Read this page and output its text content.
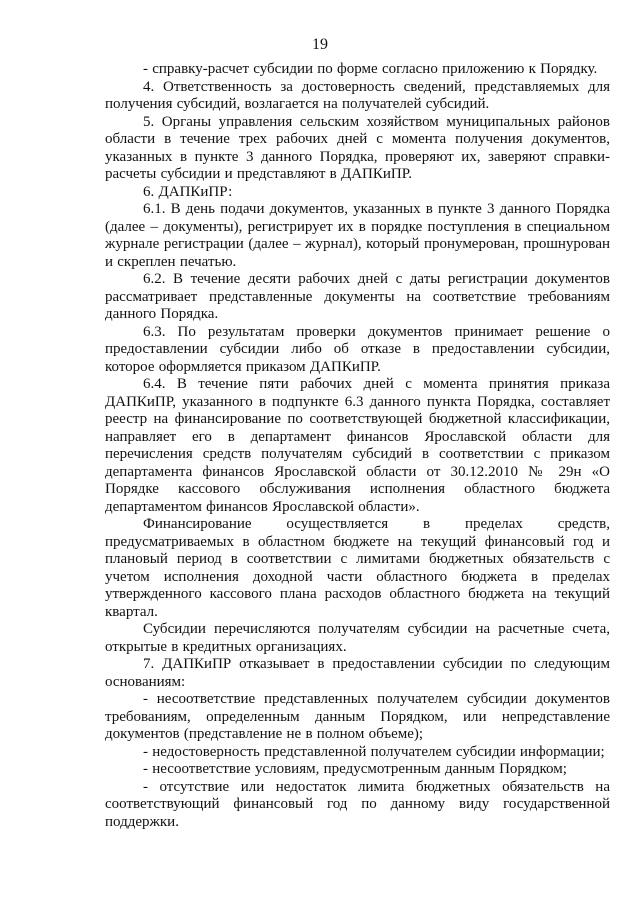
19

- справку-расчет субсидии по форме согласно приложению к Порядку.

4. Ответственность за достоверность сведений, представляемых для получения субсидий, возлагается на получателей субсидий.

5. Органы управления сельским хозяйством муниципальных районов области в течение трех рабочих дней с момента получения документов, указанных в пункте 3 данного Порядка, проверяют их, заверяют справки-расчеты субсидии и представляют в ДАПКиПР.

6. ДАПКиПР:

6.1. В день подачи документов, указанных в пункте 3 данного Порядка (далее – документы), регистрирует их в порядке поступления в специальном журнале регистрации (далее – журнал), который пронумерован, прошнурован и скреплен печатью.

6.2. В течение десяти рабочих дней с даты регистрации документов рассматривает представленные документы на соответствие требованиям данного Порядка.

6.3. По результатам проверки документов принимает решение о предоставлении субсидии либо об отказе в предоставлении субсидии, которое оформляется приказом ДАПКиПР.

6.4. В течение пяти рабочих дней с момента принятия приказа ДАПКиПР, указанного в подпункте 6.3 данного пункта Порядка, составляет реестр на финансирование по соответствующей бюджетной классификации, направляет его в департамент финансов Ярославской области для перечисления средств получателям субсидий в соответствии с приказом департамента финансов Ярославской области от 30.12.2010 № 29н «О Порядке кассового обслуживания исполнения областного бюджета департаментом финансов Ярославской области».

Финансирование осуществляется в пределах средств, предусматриваемых в областном бюджете на текущий финансовый год и плановый период в соответствии с лимитами бюджетных обязательств с учетом исполнения доходной части областного бюджета в пределах утвержденного кассового плана расходов областного бюджета на текущий квартал.

Субсидии перечисляются получателям субсидии на расчетные счета, открытые в кредитных организациях.

7. ДАПКиПР отказывает в предоставлении субсидии по следующим основаниям:

- несоответствие представленных получателем субсидии документов требованиям, определенным данным Порядком, или непредставление документов (представление не в полном объеме);

- недостоверность представленной получателем субсидии информации;

- несоответствие условиям, предусмотренным данным Порядком;

- отсутствие или недостаток лимита бюджетных обязательств на соответствующий финансовый год по данному виду государственной поддержки.
